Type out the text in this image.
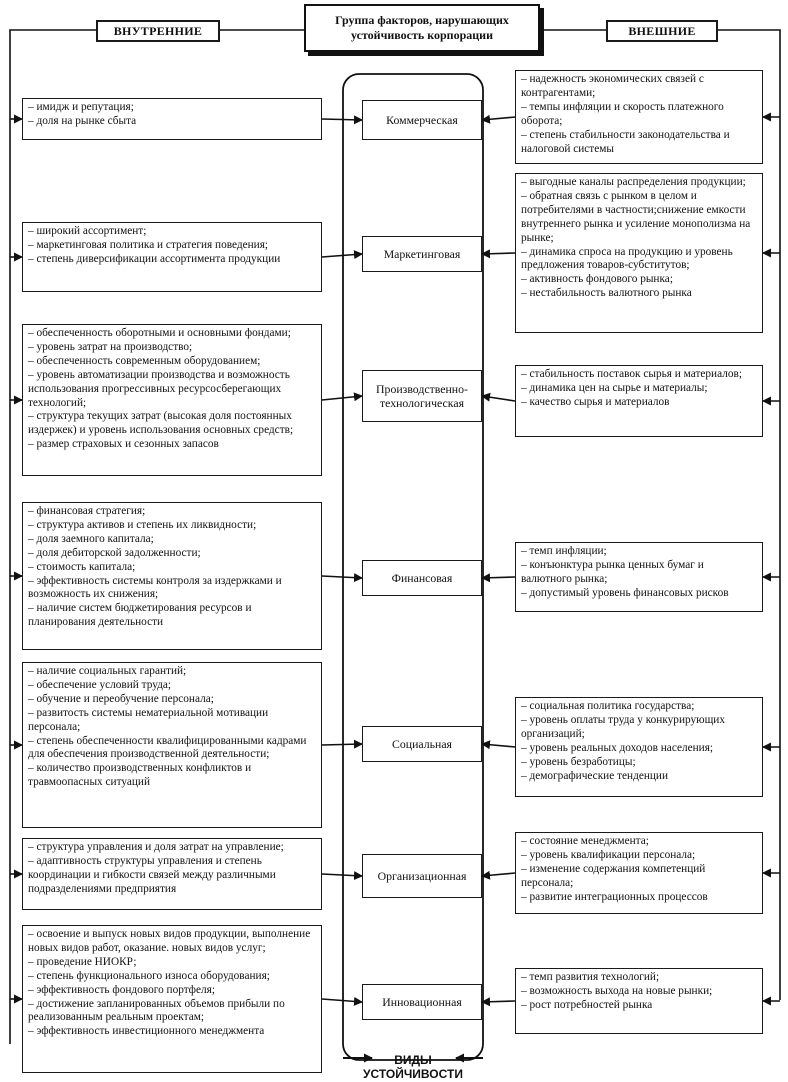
ВНУТРЕННИЕ
Группа факторов, нарушающих устойчивость корпорации	ВНЕШНИЕ
– имидж и репутация;
– доля на рынке сбыта	Коммерческая
– надежность экономических связей с контрагентами;
– темпы инфляции и скорость платежного оборота;
– степень стабильности законодательства и налоговой системы
– широкий ассортимент;
– маркетинговая политика и стратегия поведения;
– степень диверсификации ассортимента продукции	Маркетинговая
– выгодные каналы распределения продукции;
– обратная связь с рынком в целом и потребителями в частности;снижение емкости внутреннего рынка и усиление монополизма на рынке;
– динамика спроса на продукцию и уровень предложения товаров-субститутов;
– активность фондового рынка;
– нестабильность валютного рынка
– обеспеченность оборотными и основными фондами;
– уровень затрат на производство;
– обеспеченность современным оборудованием;
– уровень автоматизации производства и возможность использования прогрессивных ресурсосберегающих технологий;
– структура текущих затрат (высокая доля постоянных издержек) и уровень использования основных средств;
– размер страховых и сезонных запасов
Производственно-технологическая
– стабильность поставок сырья и материалов;
– динамика цен на сырье и материалы;
– качество сырья и материалов
– финансовая стратегия;
– структура активов и степень их ликвидности;
– доля заемного капитала;
– доля дебиторской задолженности;
– стоимость капитала;
– эффективность системы контроля за издержками и возможность их снижения;
– наличие систем бюджетирования ресурсов и планирования деятельности
Финансовая
– темп инфляции;
– конъюнктура рынка ценных бумаг и валютного рынка;
– допустимый уровень финансовых рисков
– наличие социальных гарантий;
– обеспечение условий труда;
– обучение и переобучение персонала;
– развитость системы нематериальной мотивации персонала;
– степень обеспеченности квалифицированными кадрами для обеспечения производственной деятельности;
– количество производственных конфликтов и травмоопасных ситуаций
Социальная
– социальная политика государства;
– уровень оплаты труда у конкурирующих организаций;
– уровень реальных доходов населения;
– уровень безработицы;
– демографические тенденции
– структура управления и доля затрат на управление;
– адаптивность структуры управления и степень координации и гибкости связей между различными подразделениями предприятия
Организационная
– состояние менеджмента;
– уровень квалификации персонала;
– изменение содержания компетенций персонала;
– развитие интеграционных процессов
– освоение и выпуск новых видов продукции, выполнение новых видов работ, оказание. новых видов услуг;
– проведение НИОКР;
– степень функционального износа оборудования;
– эффективность фондового портфеля;
– достижение запланированных объемов прибыли по реализованным реальным проектам;
– эффективность инвестиционного менеджмента
Инновационная
– темп развития технологий;
– возможность выхода на новые рынки;
– рост потребностей рынка
ВИДЫ УСТОЙЧИВОСТИ
